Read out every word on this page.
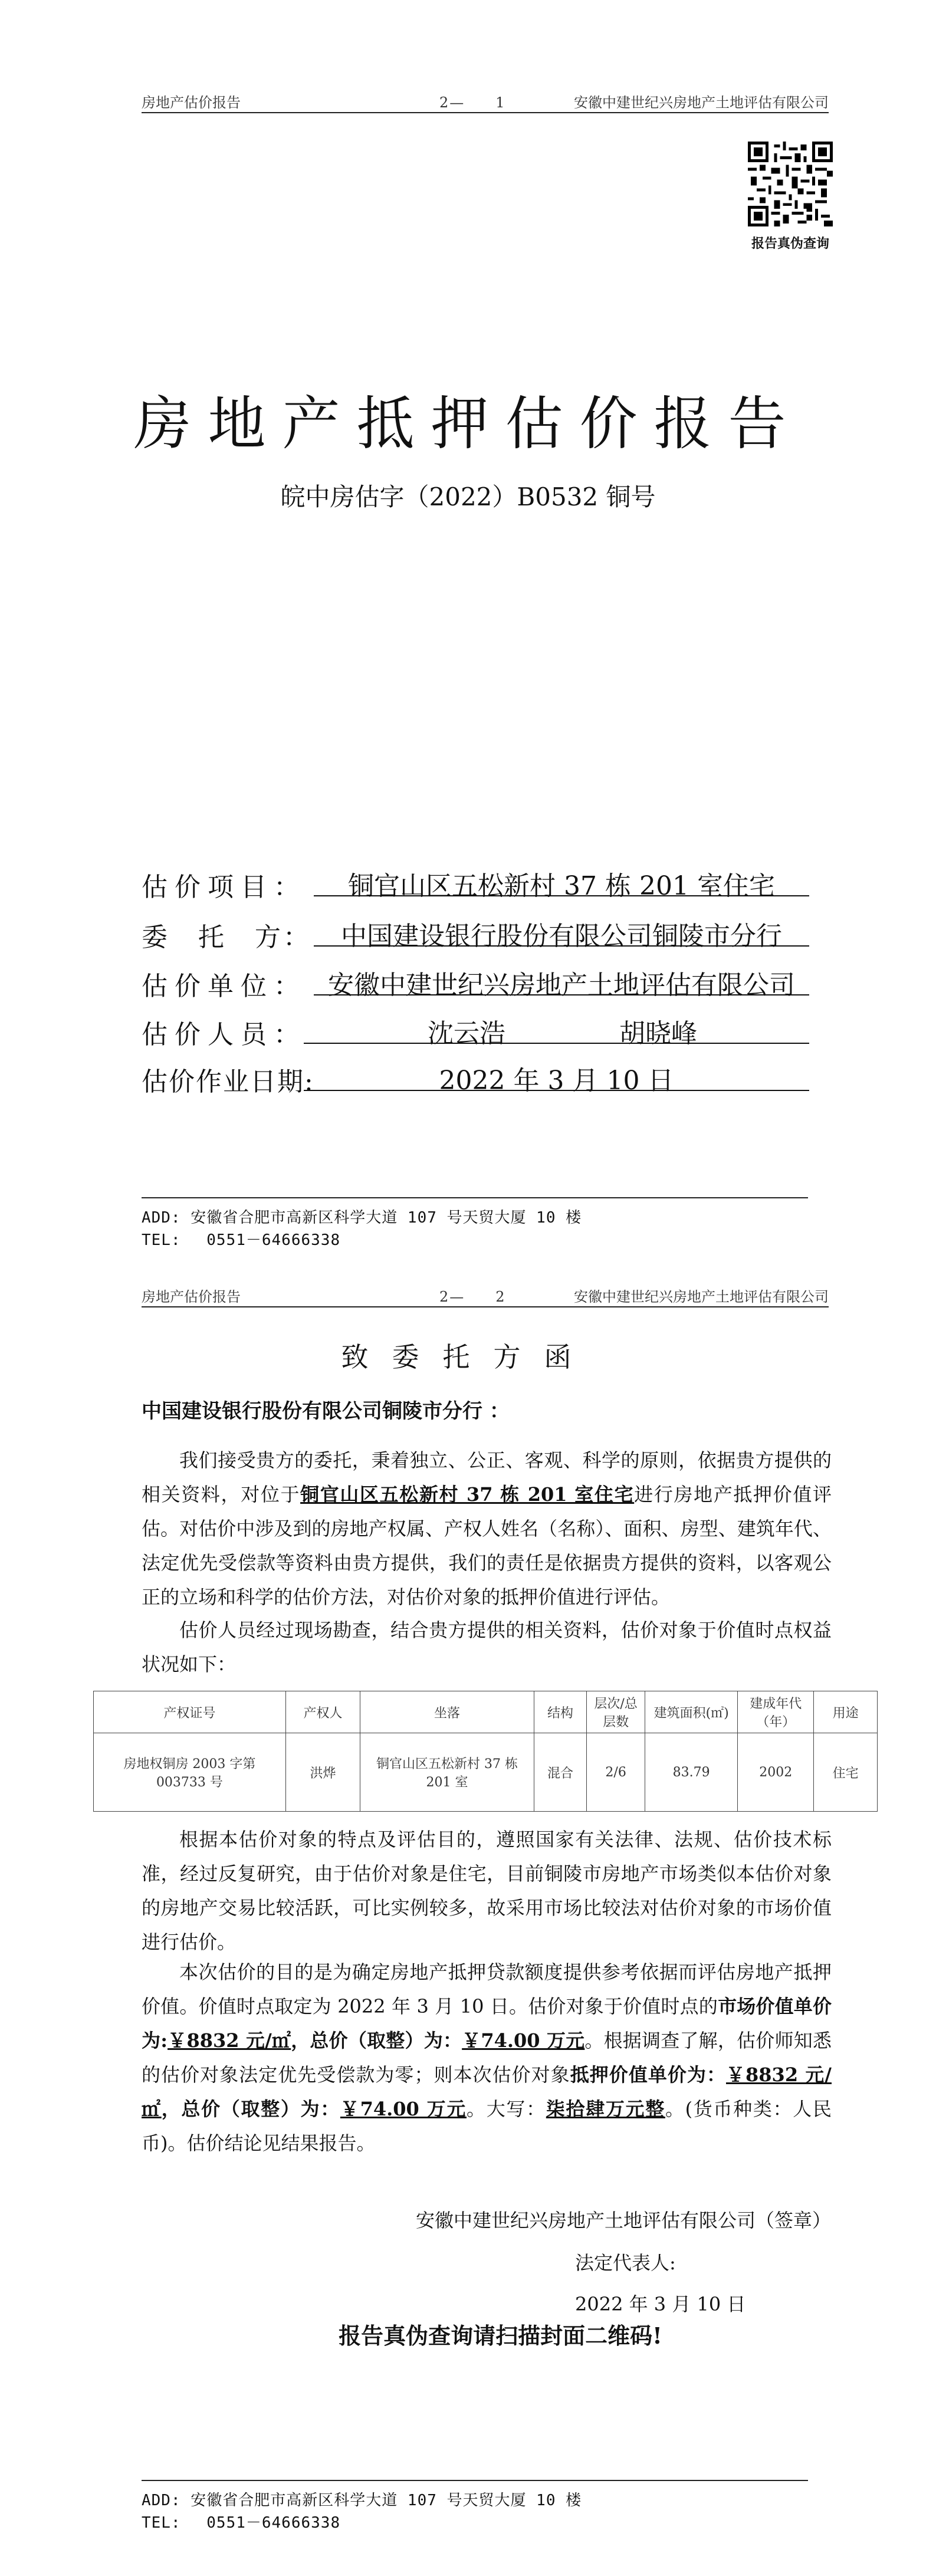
房地产估价报告	2—　　1	安徽中建世纪兴房地产土地评估有限公司
报告真伪查询
房地产抵押估价报告
皖中房估字（2022）B0532 铜号
估价项目：	铜官山区五松新村 37 栋 201 室住宅
委　托　方：	中国建设银行股份有限公司铜陵市分行
估价单位： 安徽中建世纪兴房地产土地评估有限公司
估价人员：	沈云浩	胡晓峰
估价作业日期:	2022 年 3 月 10 日
ADD: 安徽省合肥市高新区科学大道 107 号天贸大厦 10 楼
TEL:　 0551－64666338
房地产估价报告	2—　　2	安徽中建世纪兴房地产土地评估有限公司
致委托方函
中国建设银行股份有限公司铜陵市分行 ：
我们接受贵方的委托，秉着独立、公正、客观、科学的原则，依据贵方提供的相关资料，对位于铜官山区五松新村 37 栋 201 室住宅进行房地产抵押价值评估。对估价中涉及到的房地产权属、产权人姓名（名称）、面积、房型、建筑年代、法定优先受偿款等资料由贵方提供，我们的责任是依据贵方提供的资料，以客观公正的立场和科学的估价方法，对估价对象的抵押价值进行评估。
估价人员经过现场勘查，结合贵方提供的相关资料，估价对象于价值时点权益状况如下：
产权证号	产权人	坐落	结构	层次/总层数	建筑面积(㎡)	建成年代（年）	用途
房地权铜房 2003 字第 003733 号	洪烨	铜官山区五松新村 37 栋 201 室	混合	2/6	83.79	2002	住宅
根据本估价对象的特点及评估目的，遵照国家有关法律、法规、估价技术标准，经过反复研究，由于估价对象是住宅，目前铜陵市房地产市场类似本估价对象的房地产交易比较活跃，可比实例较多，故采用市场比较法对估价对象的市场价值进行估价。
本次估价的目的是为确定房地产抵押贷款额度提供参考依据而评估房地产抵押价值。价值时点取定为 2022 年 3 月 10 日。估价对象于价值时点的市场价值单价为:￥8832 元/㎡，总价（取整）为：￥74.00 万元。根据调查了解，估价师知悉的估价对象法定优先受偿款为零；则本次估价对象抵押价值单价为：￥8832 元/㎡，总价（取整）为：￥74.00 万元。大写：柒拾肆万元整。(货币种类：人民币)。估价结论见结果报告。
安徽中建世纪兴房地产土地评估有限公司（签章）
法定代表人:
2022 年 3 月 10 日
报告真伪查询请扫描封面二维码!
ADD: 安徽省合肥市高新区科学大道 107 号天贸大厦 10 楼
TEL:　 0551－64666338
